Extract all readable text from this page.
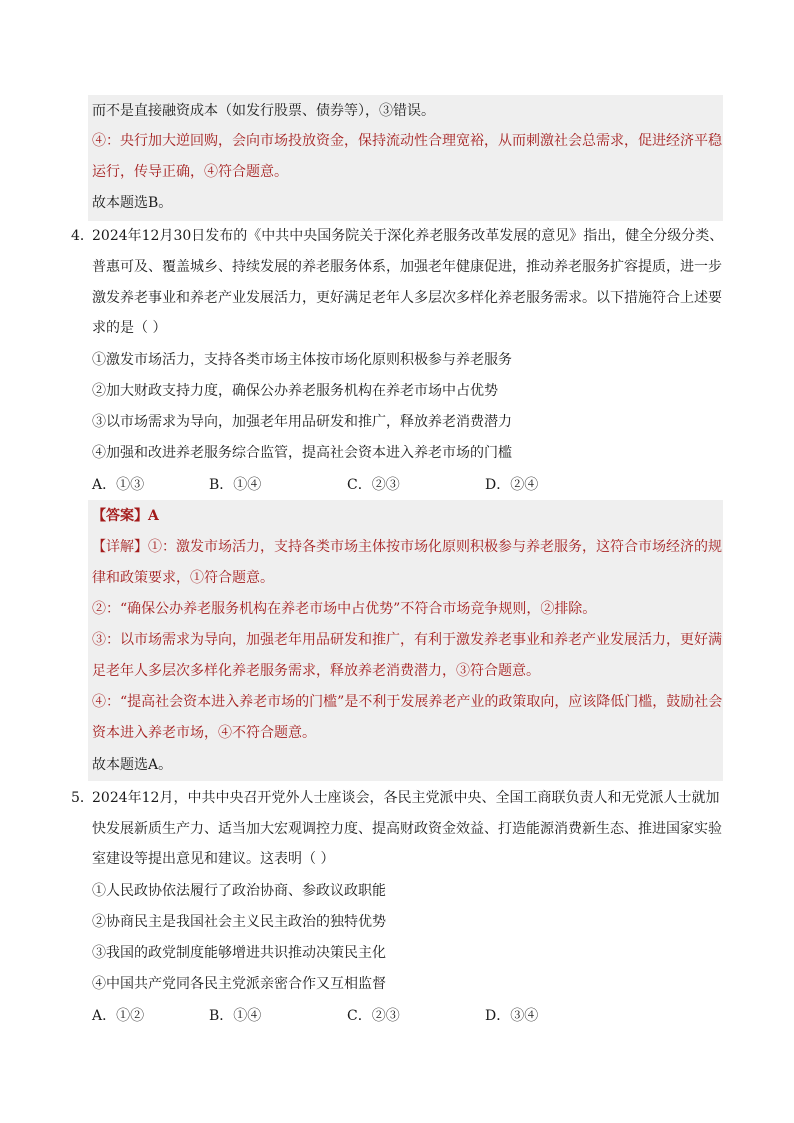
而不是直接融资成本（如发行股票、债券等），③错误。
④：央行加大逆回购，会向市场投放资金，保持流动性合理宽裕，从而刺激社会总需求，促进经济平稳
运行，传导正确，④符合题意。
故本题选B。
4．
2024年12月30日发布的《中共中央国务院关于深化养老服务改革发展的意见》指出，健全分级分类、
普惠可及、覆盖城乡、持续发展的养老服务体系，加强老年健康促进，推动养老服务扩容提质，进一步
激发养老事业和养老产业发展活力，更好满足老年人多层次多样化养老服务需求。以下措施符合上述要
求的是（ ）
①激发市场活力，支持各类市场主体按市场化原则积极参与养老服务
②加大财政支持力度，确保公办养老服务机构在养老市场中占优势
③以市场需求为导向，加强老年用品研发和推广，释放养老消费潜力
④加强和改进养老服务综合监管，提高社会资本进入养老市场的门槛
A．①③	B．①④	C．②③	D．②④
【答案】A
【详解】①：激发市场活力，支持各类市场主体按市场化原则积极参与养老服务，这符合市场经济的规
律和政策要求，①符合题意。
②：“确保公办养老服务机构在养老市场中占优势”不符合市场竞争规则，②排除。
③：以市场需求为导向，加强老年用品研发和推广，有利于激发养老事业和养老产业发展活力，更好满
足老年人多层次多样化养老服务需求，释放养老消费潜力，③符合题意。
④：“提高社会资本进入养老市场的门槛”是不利于发展养老产业的政策取向，应该降低门槛，鼓励社会
资本进入养老市场，④不符合题意。
故本题选A。
5．
2024年12月，中共中央召开党外人士座谈会，各民主党派中央、全国工商联负责人和无党派人士就加
快发展新质生产力、适当加大宏观调控力度、提高财政资金效益、打造能源消费新生态、推进国家实验
室建设等提出意见和建议。这表明（ ）
①人民政协依法履行了政治协商、参政议政职能
②协商民主是我国社会主义民主政治的独特优势
③我国的政党制度能够增进共识推动决策民主化
④中国共产党同各民主党派亲密合作又互相监督
A．①②	B．①④	C．②③	D．③④
